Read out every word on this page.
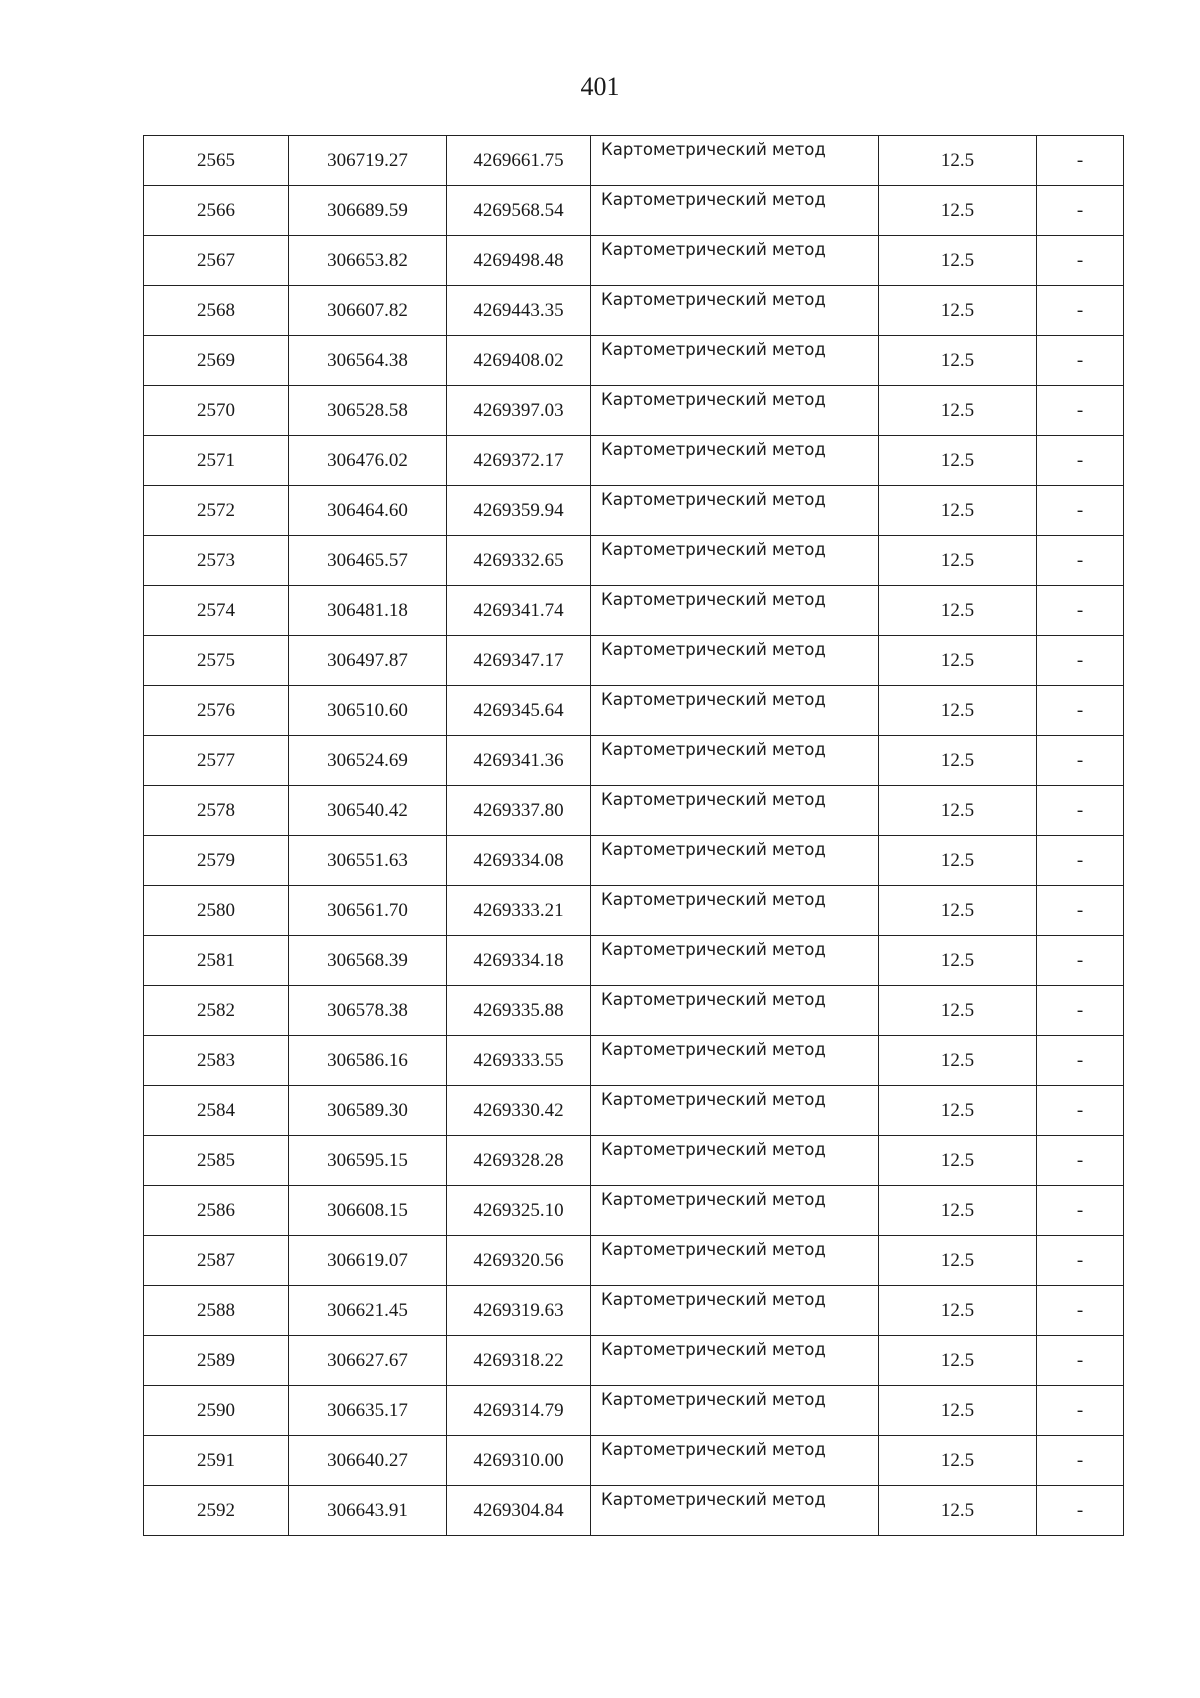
401
2565	306719.27	4269661.75	Картометрический метод	12.5	-
2566	306689.59	4269568.54	Картометрический метод	12.5	-
2567	306653.82	4269498.48	Картометрический метод	12.5	-
2568	306607.82	4269443.35	Картометрический метод	12.5	-
2569	306564.38	4269408.02	Картометрический метод	12.5	-
2570	306528.58	4269397.03	Картометрический метод	12.5	-
2571	306476.02	4269372.17	Картометрический метод	12.5	-
2572	306464.60	4269359.94	Картометрический метод	12.5	-
2573	306465.57	4269332.65	Картометрический метод	12.5	-
2574	306481.18	4269341.74	Картометрический метод	12.5	-
2575	306497.87	4269347.17	Картометрический метод	12.5	-
2576	306510.60	4269345.64	Картометрический метод	12.5	-
2577	306524.69	4269341.36	Картометрический метод	12.5	-
2578	306540.42	4269337.80	Картометрический метод	12.5	-
2579	306551.63	4269334.08	Картометрический метод	12.5	-
2580	306561.70	4269333.21	Картометрический метод	12.5	-
2581	306568.39	4269334.18	Картометрический метод	12.5	-
2582	306578.38	4269335.88	Картометрический метод	12.5	-
2583	306586.16	4269333.55	Картометрический метод	12.5	-
2584	306589.30	4269330.42	Картометрический метод	12.5	-
2585	306595.15	4269328.28	Картометрический метод	12.5	-
2586	306608.15	4269325.10	Картометрический метод	12.5	-
2587	306619.07	4269320.56	Картометрический метод	12.5	-
2588	306621.45	4269319.63	Картометрический метод	12.5	-
2589	306627.67	4269318.22	Картометрический метод	12.5	-
2590	306635.17	4269314.79	Картометрический метод	12.5	-
2591	306640.27	4269310.00	Картометрический метод	12.5	-
2592	306643.91	4269304.84	Картометрический метод	12.5	-
